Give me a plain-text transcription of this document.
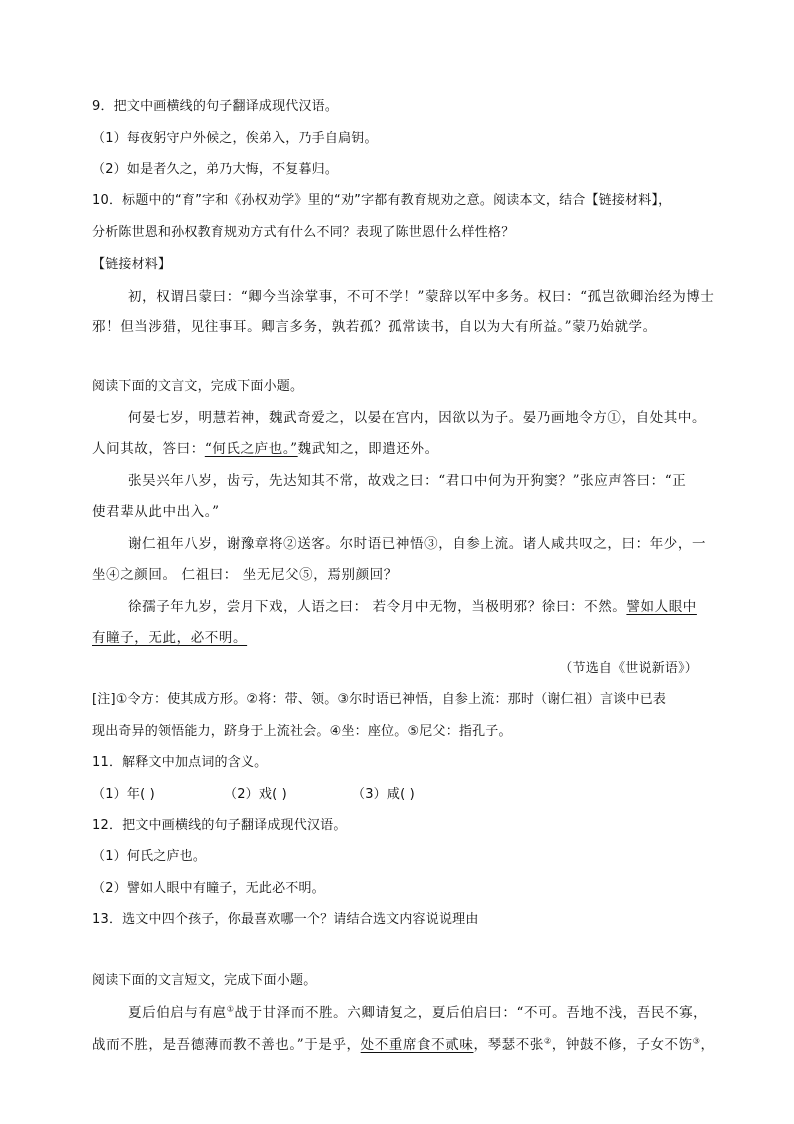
9．把文中画横线的句子翻译成现代汉语。
（1）每夜躬守户外候之，俟弟入，乃手自扃钥。
（2）如是者久之，弟乃大悔，不复暮归。
10．标题中的“育”字和《孙权劝学》里的“劝”字都有教育规劝之意。阅读本文，结合【链接材料】，
分析陈世恩和孙权教育规劝方式有什么不同？表现了陈世恩什么样性格？
【链接材料】
初，权谓吕蒙曰：“卿今当涂掌事，不可不学！”蒙辞以军中多务。权曰：“孤岂欲卿治经为博士
邪！但当涉猎，见往事耳。卿言多务，孰若孤？孤常读书，自以为大有所益。”蒙乃始就学。
阅读下面的文言文，完成下面小题。
何晏七岁，明慧若神，魏武奇爱之，以晏在宫内，因欲以为子。晏乃画地令方①，自处其中。
人问其故，答曰：“何氏之庐也。”魏武知之，即遣还外。
张吴兴年八岁，齿亏，先达知其不常，故戏之曰：“君口中何为开狗窦？”张应声答曰：“正
使君辈从此中出入。”
谢仁祖年八岁，谢豫章将②送客。尔时语已神悟③，自参上流。诸人咸共叹之，曰：年少，一
坐④之颜回。 仁祖曰： 坐无尼父⑤，焉别颜回？
徐孺子年九岁，尝月下戏，人语之曰： 若令月中无物，当极明邪？徐曰：不然。譬如人眼中
有瞳子，无此，必不明。
（节选自《世说新语》）
[注]①令方：使其成方形。②将：带、领。③尔时语已神悟，自参上流：那时（谢仁祖）言谈中已表
现出奇异的领悟能力，跻身于上流社会。④坐：座位。⑤尼父：指孔子。
11．解释文中加点词的含义。
（1）年( )	（2）戏( )	（3）咸( )
12．把文中画横线的句子翻译成现代汉语。
（1）何氏之庐也。
（2）譬如人眼中有瞳子，无此必不明。
13．选文中四个孩子，你最喜欢哪一个？请结合选文内容说说理由
阅读下面的文言短文，完成下面小题。
夏后伯启与有扈①战于甘泽而不胜。六卿请复之，夏后伯启曰：“不可。吾地不浅，吾民不寡，
战而不胜，是吾德薄而教不善也。”于是乎，处不重席食不贰味，琴瑟不张②，钟鼓不修，子女不饬③，
